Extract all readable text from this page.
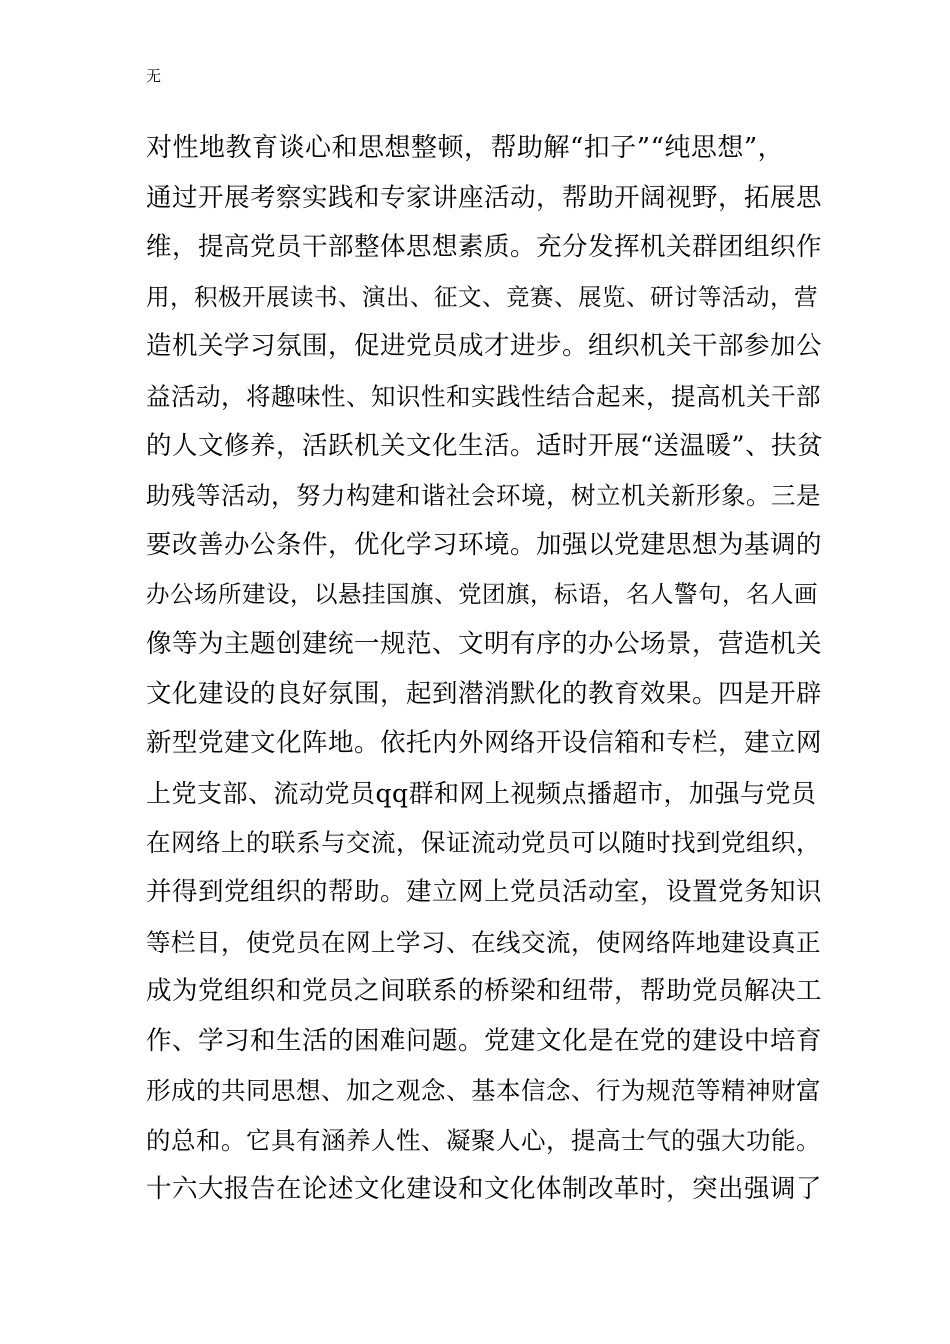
无
对性地教育谈心和思想整顿，帮助解“扣子”“纯思想”，
通过开展考察实践和专家讲座活动，帮助开阔视野，拓展思
维，提高党员干部整体思想素质。充分发挥机关群团组织作
用，积极开展读书、演出、征文、竞赛、展览、研讨等活动，营
造机关学习氛围，促进党员成才进步。组织机关干部参加公
益活动，将趣味性、知识性和实践性结合起来，提高机关干部
的人文修养，活跃机关文化生活。适时开展“送温暖”、扶贫
助残等活动，努力构建和谐社会环境，树立机关新形象。三是
要改善办公条件，优化学习环境。加强以党建思想为基调的
办公场所建设，以悬挂国旗、党团旗，标语，名人警句，名人画
像等为主题创建统一规范、文明有序的办公场景，营造机关
文化建设的良好氛围，起到潜消默化的教育效果。四是开辟
新型党建文化阵地。依托内外网络开设信箱和专栏，建立网
上党支部、流动党员qq群和网上视频点播超市，加强与党员
在网络上的联系与交流，保证流动党员可以随时找到党组织，
并得到党组织的帮助。建立网上党员活动室，设置党务知识
等栏目，使党员在网上学习、在线交流，使网络阵地建设真正
成为党组织和党员之间联系的桥梁和纽带，帮助党员解决工
作、学习和生活的困难问题。党建文化是在党的建设中培育
形成的共同思想、加之观念、基本信念、行为规范等精神财富
的总和。它具有涵养人性、凝聚人心，提高士气的强大功能。
十六大报告在论述文化建设和文化体制改革时，突出强调了
